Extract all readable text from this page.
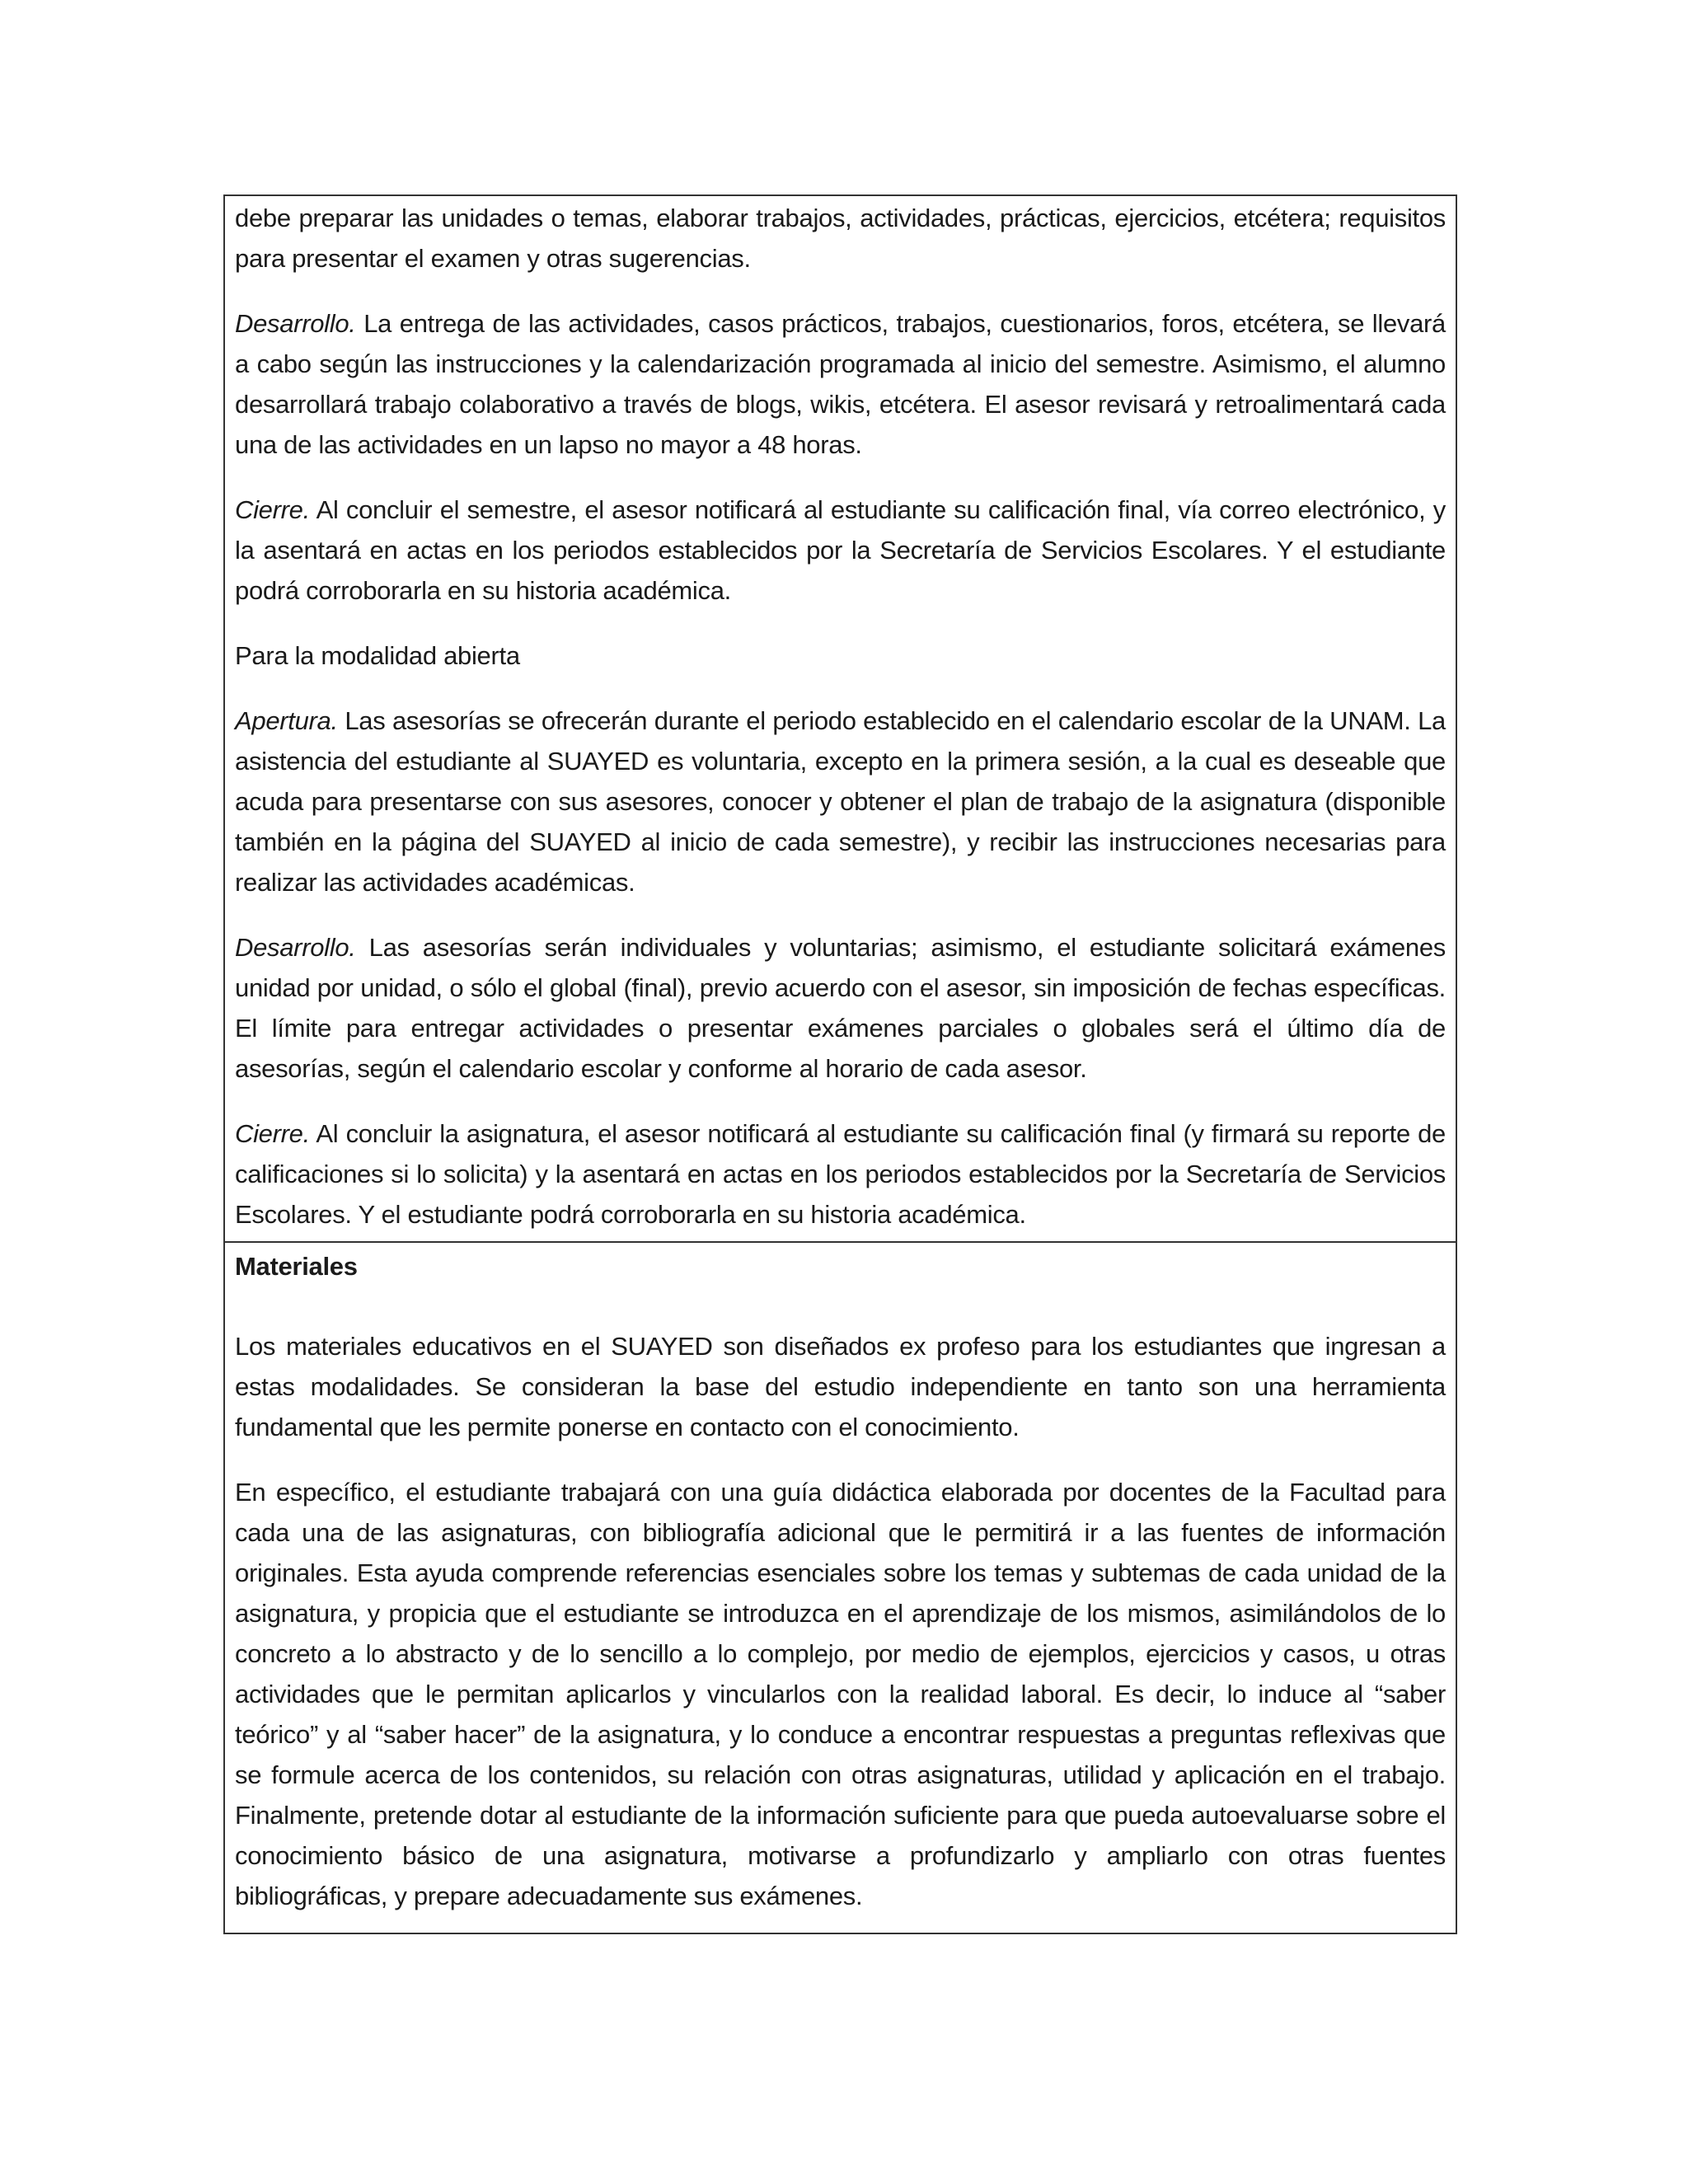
debe preparar las unidades o temas, elaborar trabajos, actividades, prácticas, ejercicios, etcétera; requisitos para presentar el examen y otras sugerencias.

Desarrollo. La entrega de las actividades, casos prácticos, trabajos, cuestionarios, foros, etcétera, se llevará a cabo según las instrucciones y la calendarización programada al inicio del semestre. Asimismo, el alumno desarrollará trabajo colaborativo a través de blogs, wikis, etcétera. El asesor revisará y retroalimentará cada una de las actividades en un lapso no mayor a 48 horas.

Cierre. Al concluir el semestre, el asesor notificará al estudiante su calificación final, vía correo electrónico, y la asentará en actas en los periodos establecidos por la Secretaría de Servicios Escolares. Y el estudiante podrá corroborarla en su historia académica.

Para la modalidad abierta

Apertura. Las asesorías se ofrecerán durante el periodo establecido en el calendario escolar de la UNAM. La asistencia del estudiante al SUAYED es voluntaria, excepto en la primera sesión, a la cual es deseable que acuda para presentarse con sus asesores, conocer y obtener el plan de trabajo de la asignatura (disponible también en la página del SUAYED al inicio de cada semestre), y recibir las instrucciones necesarias para realizar las actividades académicas.

Desarrollo. Las asesorías serán individuales y voluntarias; asimismo, el estudiante solicitará exámenes unidad por unidad, o sólo el global (final), previo acuerdo con el asesor, sin imposición de fechas específicas. El límite para entregar actividades o presentar exámenes parciales o globales será el último día de asesorías, según el calendario escolar y conforme al horario de cada asesor.

Cierre. Al concluir la asignatura, el asesor notificará al estudiante su calificación final (y firmará su reporte de calificaciones si lo solicita) y la asentará en actas en los periodos establecidos por la Secretaría de Servicios Escolares. Y el estudiante podrá corroborarla en su historia académica.

Materiales

Los materiales educativos en el SUAYED son diseñados ex profeso para los estudiantes que ingresan a estas modalidades. Se consideran la base del estudio independiente en tanto son una herramienta fundamental que les permite ponerse en contacto con el conocimiento.

En específico, el estudiante trabajará con una guía didáctica elaborada por docentes de la Facultad para cada una de las asignaturas, con bibliografía adicional que le permitirá ir a las fuentes de información originales. Esta ayuda comprende referencias esenciales sobre los temas y subtemas de cada unidad de la asignatura, y propicia que el estudiante se introduzca en el aprendizaje de los mismos, asimilándolos de lo concreto a lo abstracto y de lo sencillo a lo complejo, por medio de ejemplos, ejercicios y casos, u otras actividades que le permitan aplicarlos y vincularlos con la realidad laboral. Es decir, lo induce al “saber teórico” y al “saber hacer” de la asignatura, y lo conduce a encontrar respuestas a preguntas reflexivas que se formule acerca de los contenidos, su relación con otras asignaturas, utilidad y aplicación en el trabajo. Finalmente, pretende dotar al estudiante de la información suficiente para que pueda autoevaluarse sobre el conocimiento básico de una asignatura, motivarse a profundizarlo y ampliarlo con otras fuentes bibliográficas, y prepare adecuadamente sus exámenes.
